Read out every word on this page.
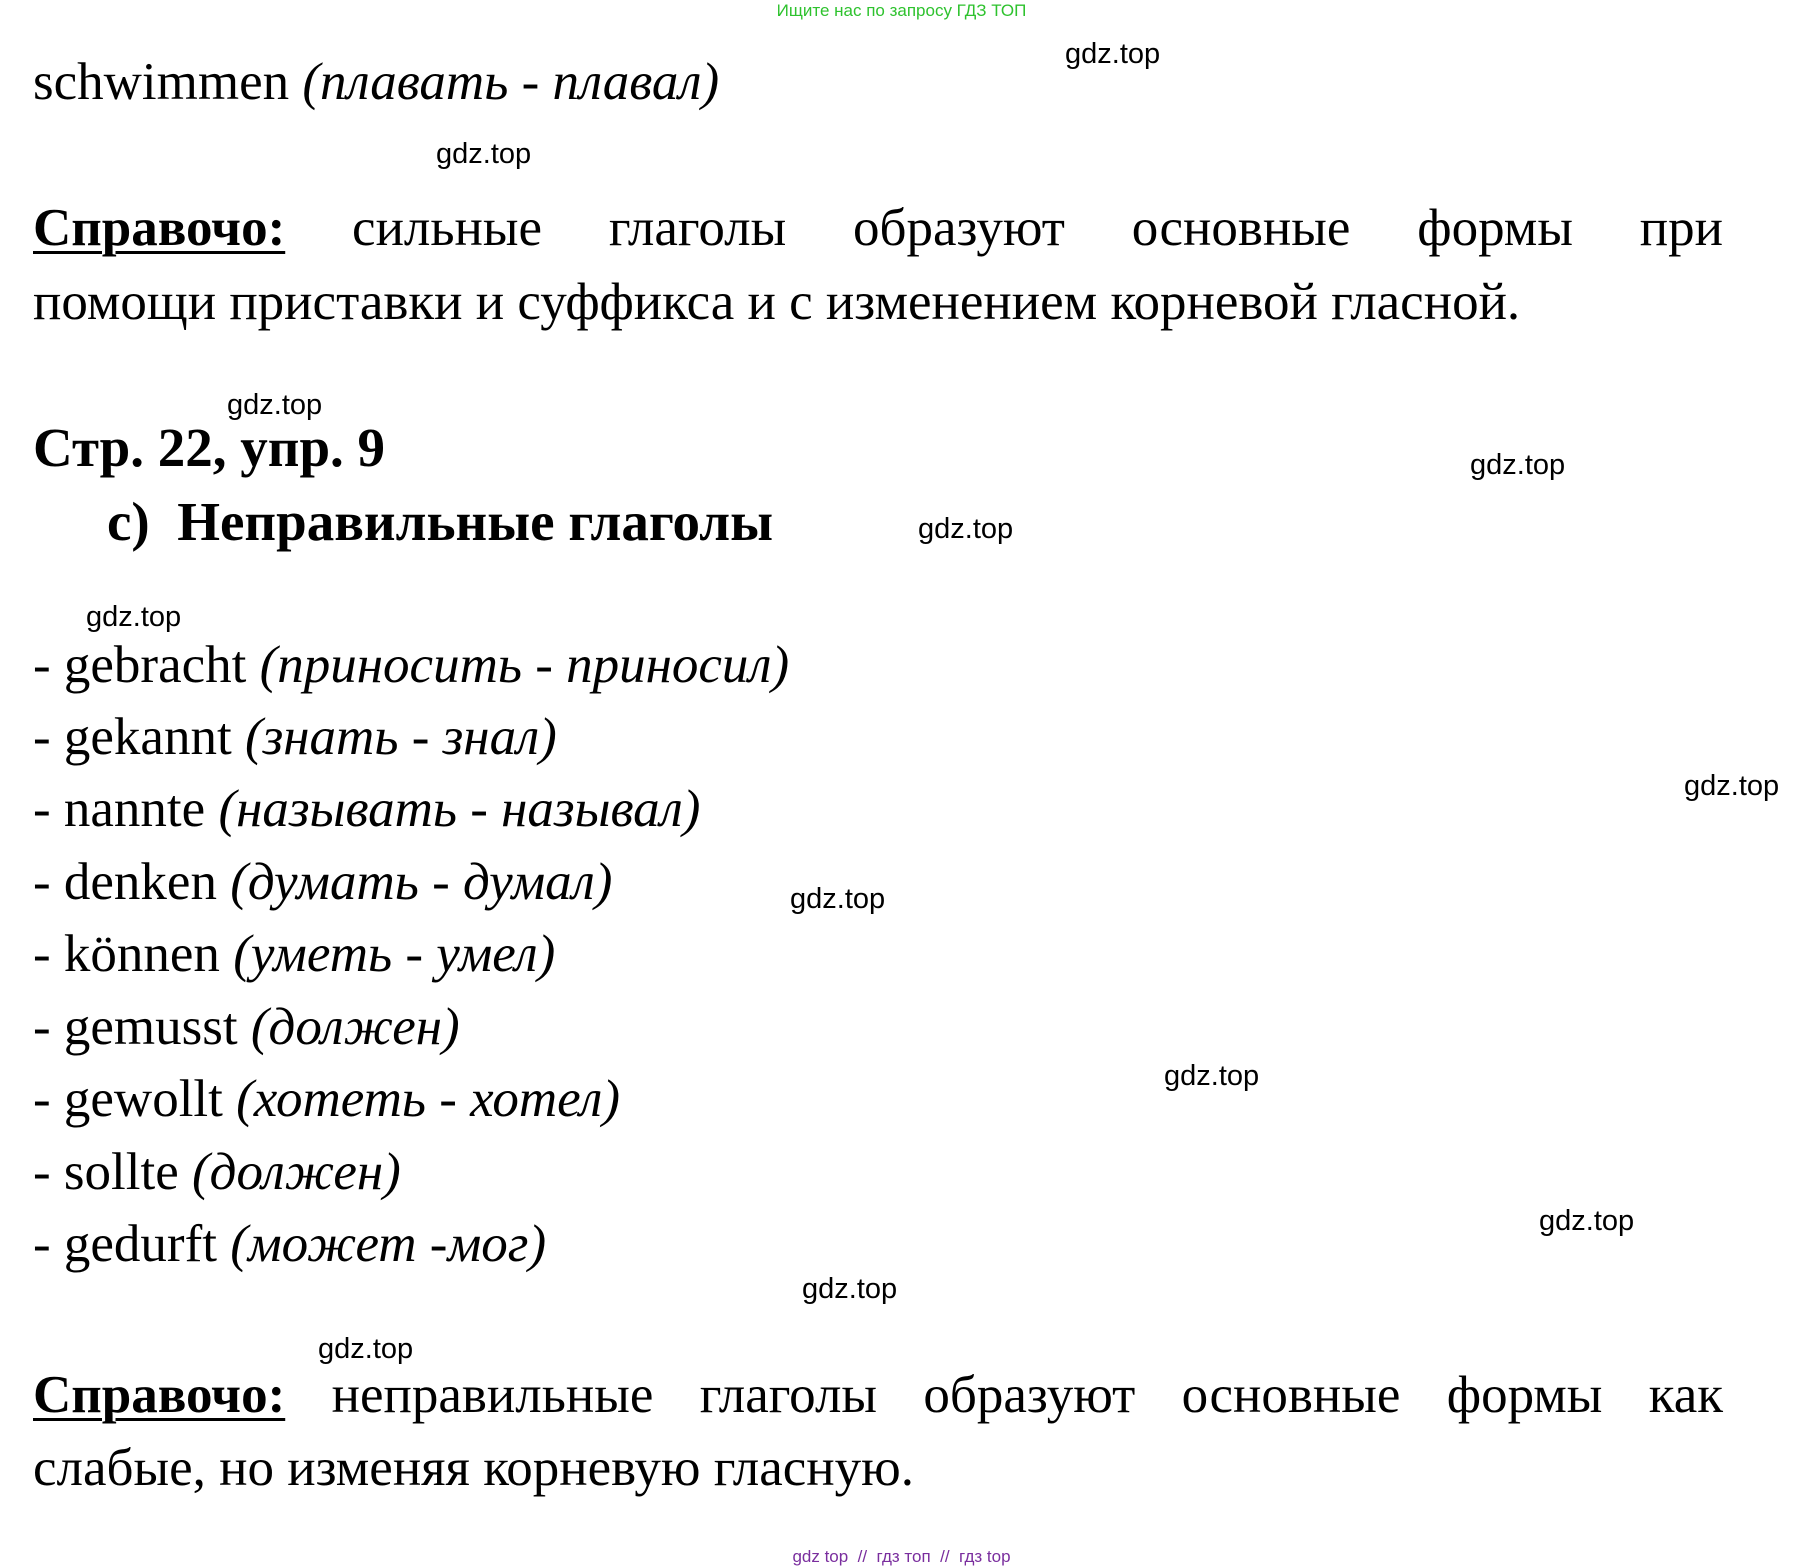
Ищите нас по запросу ГДЗ ТОП
gdz.top
gdz.top
gdz.top
gdz.top
gdz.top
gdz.top
gdz.top
gdz.top
gdz.top
gdz.top
gdz.top
gdz.top
schwimmen (плавать - плавал)
Справочо: сильные глаголы образуют основные формы при
помощи приставки и суффикса и с изменением корневой гласной.
Стр. 22, упр. 9
c)  Неправильные глаголы
- gebracht (приносить - приносил)
- gekannt (знать - знал)
- nannte (называть - называл)
- denken (думать - думал)
- können (уметь - умел)
- gemusst (должен)
- gewollt (хотеть - хотел)
- sollte (должен)
- gedurft (может -мог)
Справочо: неправильные глаголы образуют основные формы как
слабые, но изменяя корневую гласную.
gdz top  //  гдз топ  //  гдз top
